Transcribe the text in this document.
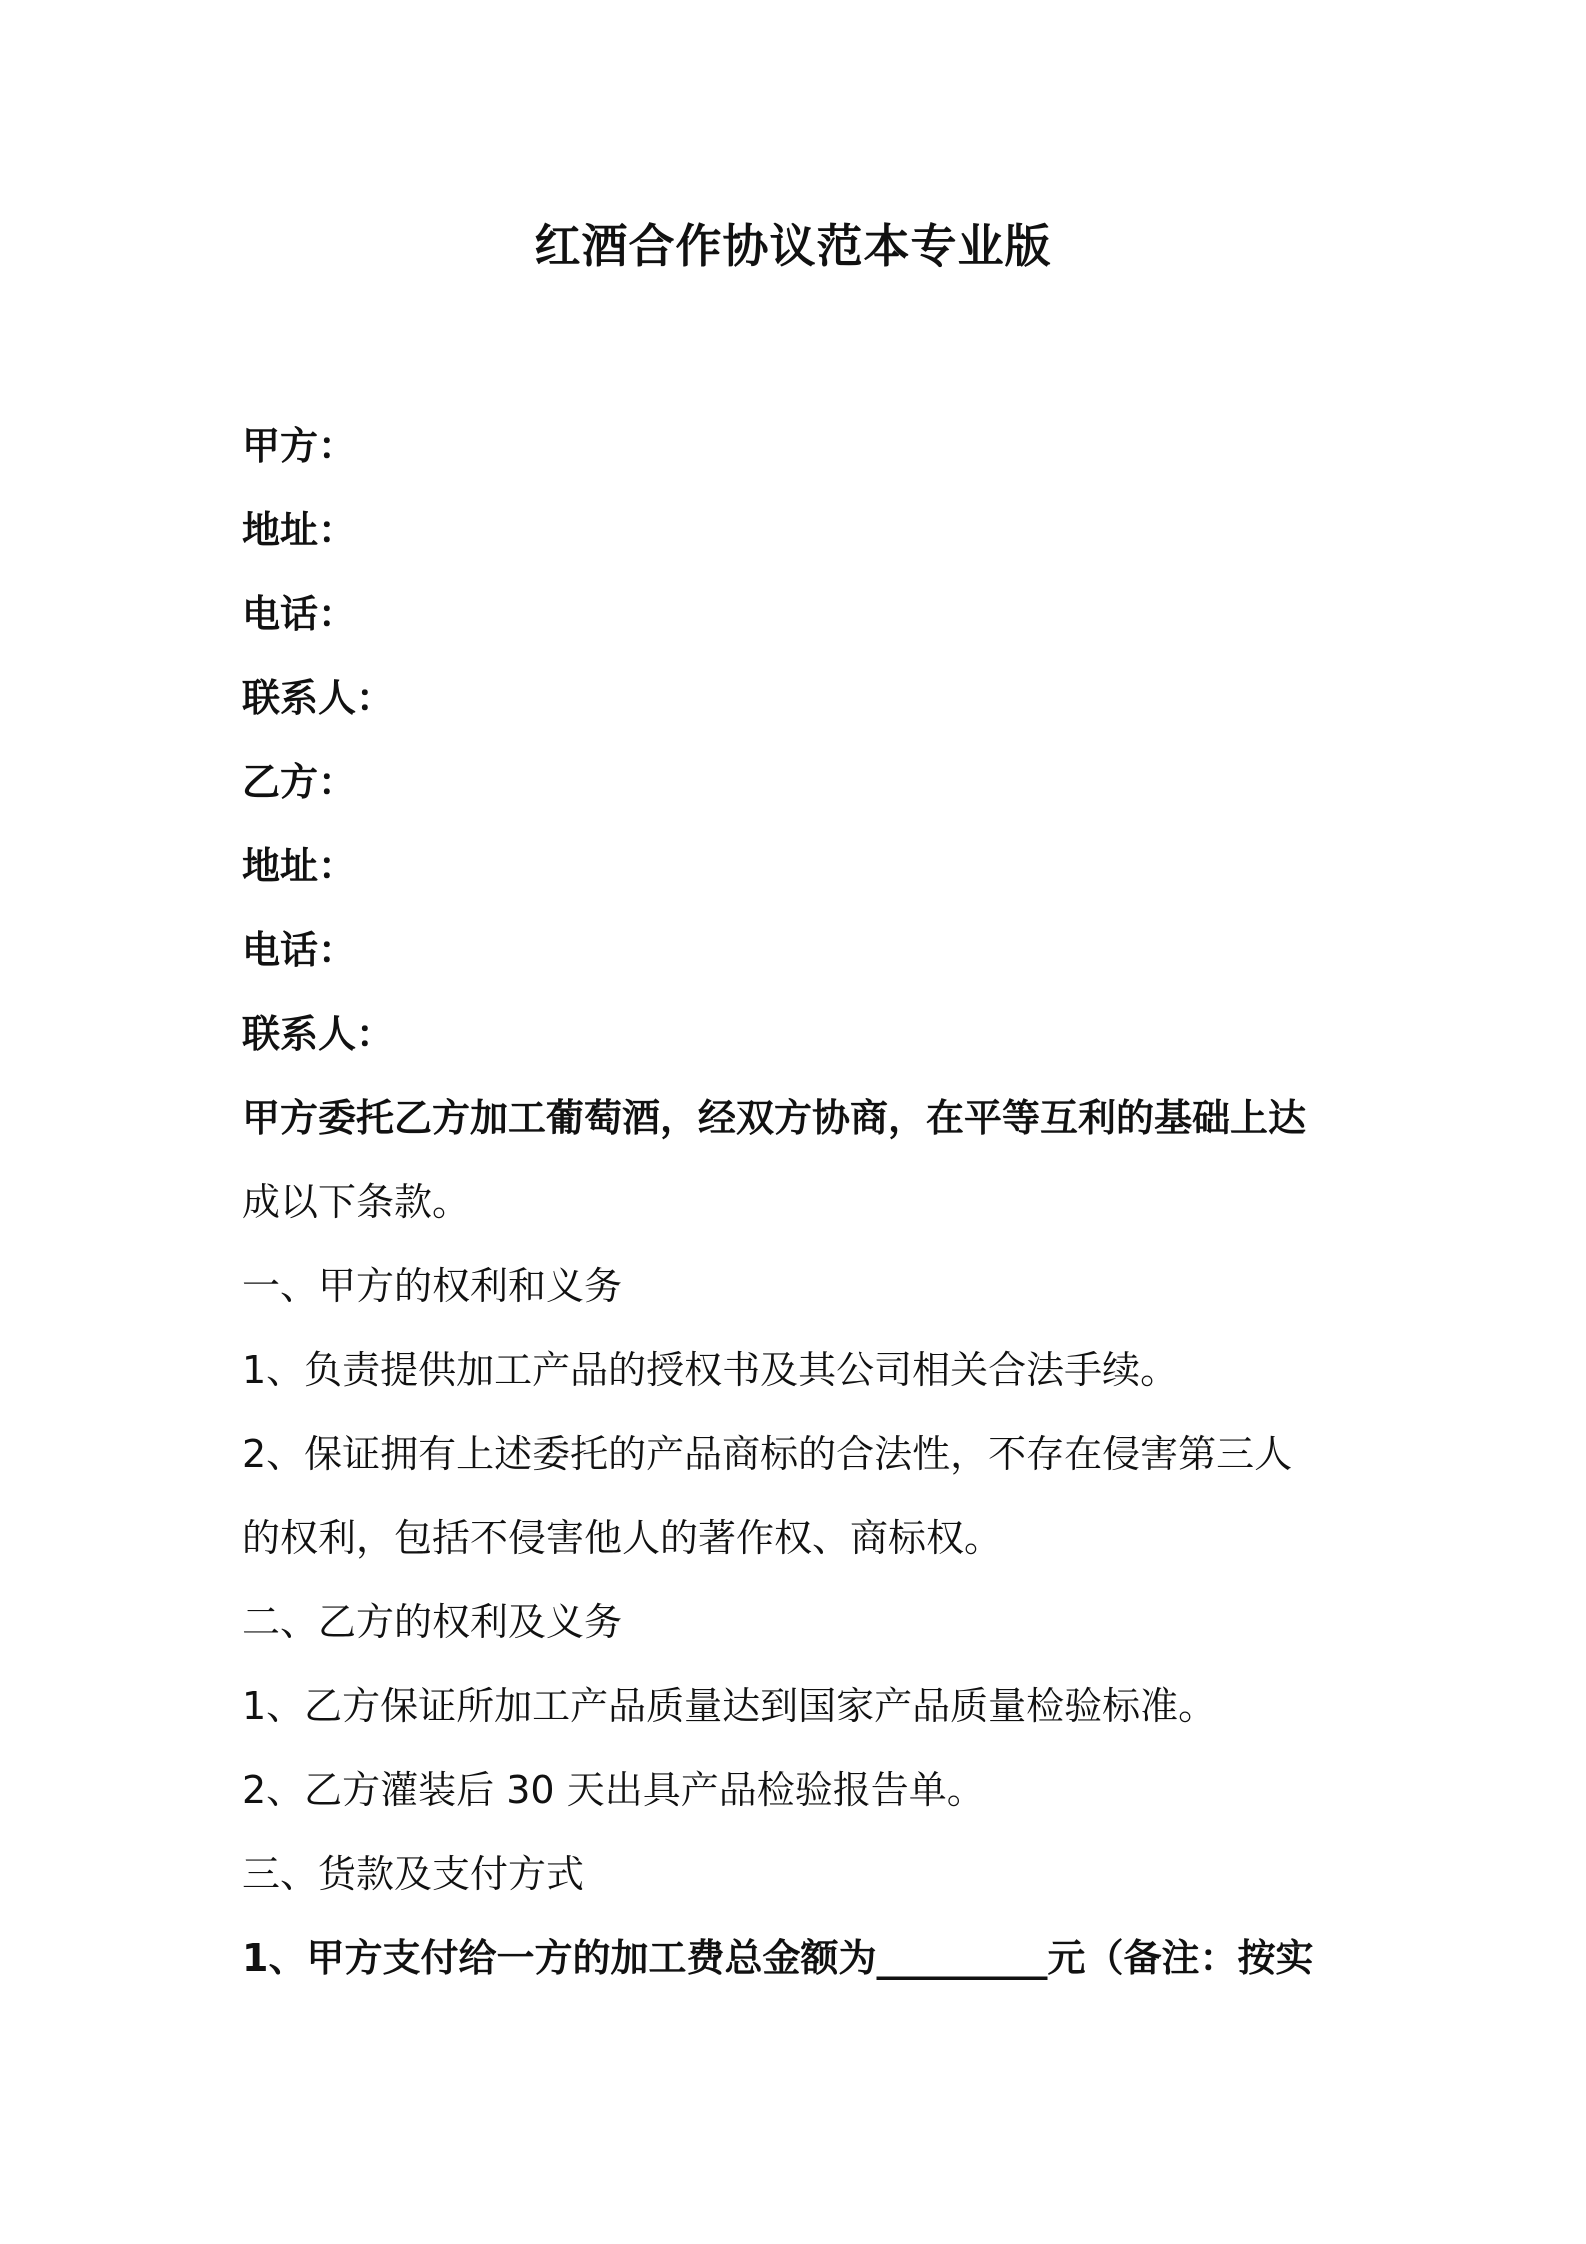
红酒合作协议范本专业版

甲方：

地址：

电话：

联系人：

乙方：

地址：

电话：

联系人：

甲方委托乙方加工葡萄酒，经双方协商，在平等互利的基础上达

成以下条款。

一、甲方的权利和义务

1、负责提供加工产品的授权书及其公司相关合法手续。

2、保证拥有上述委托的产品商标的合法性，不存在侵害第三人

的权利，包括不侵害他人的著作权、商标权。

二、乙方的权利及义务

1、乙方保证所加工产品质量达到国家产品质量检验标准。

2、乙方灌装后 30 天出具产品检验报告单。

三、货款及支付方式

1、甲方支付给一方的加工费总金额为_________元（备注：按实
